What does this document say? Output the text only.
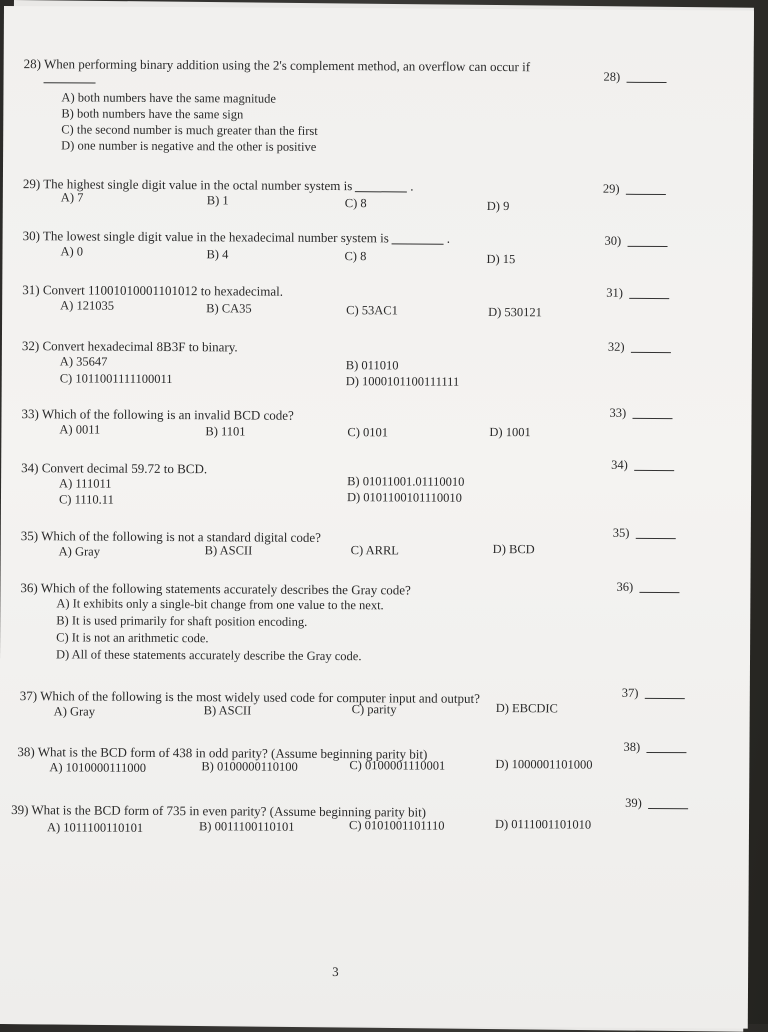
28) When performing binary addition using the 2's complement method, an overflow can occur if
A) both numbers have the same magnitude
B) both numbers have the same sign
C) the second number is much greater than the first
D) one number is negative and the other is positive
28)
29) The highest single digit value in the octal number system is	.
A) 7	B) 1	C) 8	D) 9
29)
30) The lowest single digit value in the hexadecimal number system is	.
A) 0	B) 4	C) 8	D) 15
30)
31) Convert 11001010001101012 to hexadecimal.
A) 121035	B) CA35	C) 53AC1	D) 530121
31)
32) Convert hexadecimal 8B3F to binary.
A) 35647	B) 011010
C) 1011001111100011	D) 1000101100111111
32)
33) Which of the following is an invalid BCD code?
A) 0011	B) 1101	C) 0101	D) 1001
33)
34) Convert decimal 59.72 to BCD.
A) 111011	B) 01011001.01110010
C) 1110.11	D) 0101100101110010
34)
35) Which of the following is not a standard digital code?
A) Gray	B) ASCII	C) ARRL	D) BCD
35)
36) Which of the following statements accurately describes the Gray code?
A) It exhibits only a single-bit change from one value to the next.
B) It is used primarily for shaft position encoding.
C) It is not an arithmetic code.
D) All of these statements accurately describe the Gray code.
36)
37) Which of the following is the most widely used code for computer input and output?
A) Gray	B) ASCII	C) parity	D) EBCDIC
37)
38) What is the BCD form of 438 in odd parity? (Assume beginning parity bit)
A) 1010000111000	B) 0100000110100	C) 0100001110001	D) 1000001101000
38)
39) What is the BCD form of 735 in even parity? (Assume beginning parity bit)
A) 1011100110101	B) 0011100110101	C) 0101001101110	D) 0111001101010
39)
3
